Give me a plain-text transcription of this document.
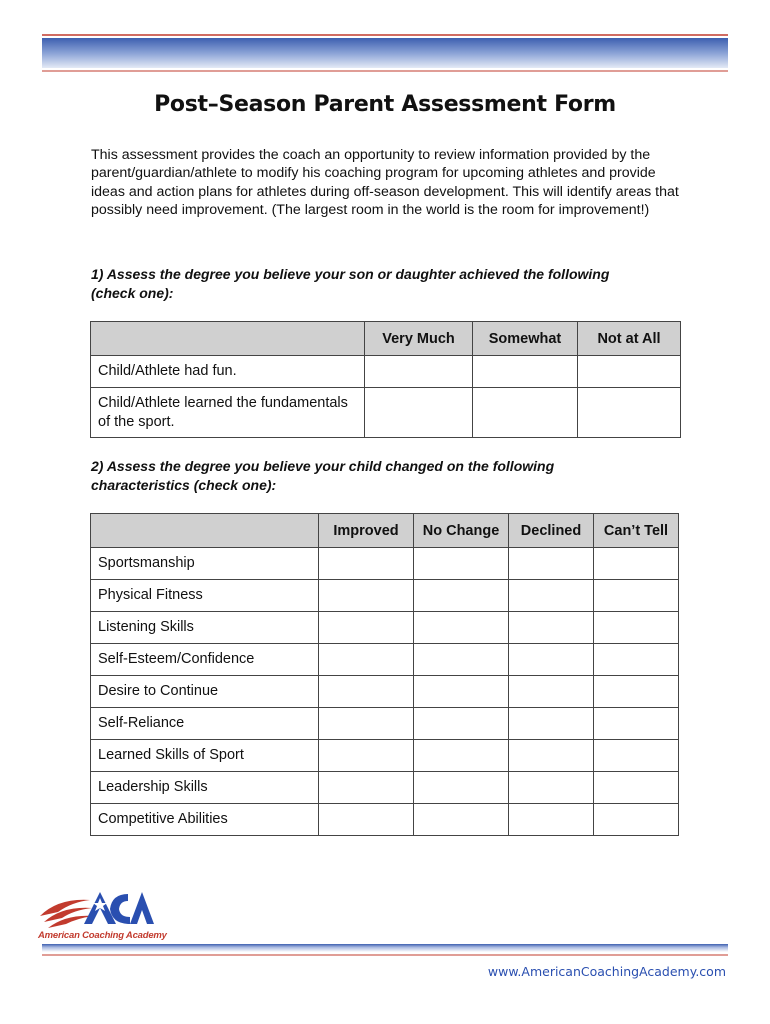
Post–Season Parent Assessment Form
This assessment provides the coach an opportunity to review information provided by the parent/guardian/athlete to modify his coaching program for upcoming athletes and provide ideas and action plans for athletes during off-season development. This will identify areas that possibly need improvement. (The largest room in the world is the room for improvement!)
1) Assess the degree you believe your son or daughter achieved the following
(check one):
	Very Much	Somewhat	Not at All
Child/Athlete had fun.			
Child/Athlete learned the fundamentals of the sport.			
2) Assess the degree you believe your child changed on the following
characteristics (check one):
	Improved	No Change	Declined	Can’t Tell
Sportsmanship				
Physical Fitness				
Listening Skills				
Self-Esteem/Confidence				
Desire to Continue				
Self-Reliance				
Learned Skills of Sport				
Leadership Skills				
Competitive Abilities				
American Coaching Academy
www.AmericanCoachingAcademy.com
